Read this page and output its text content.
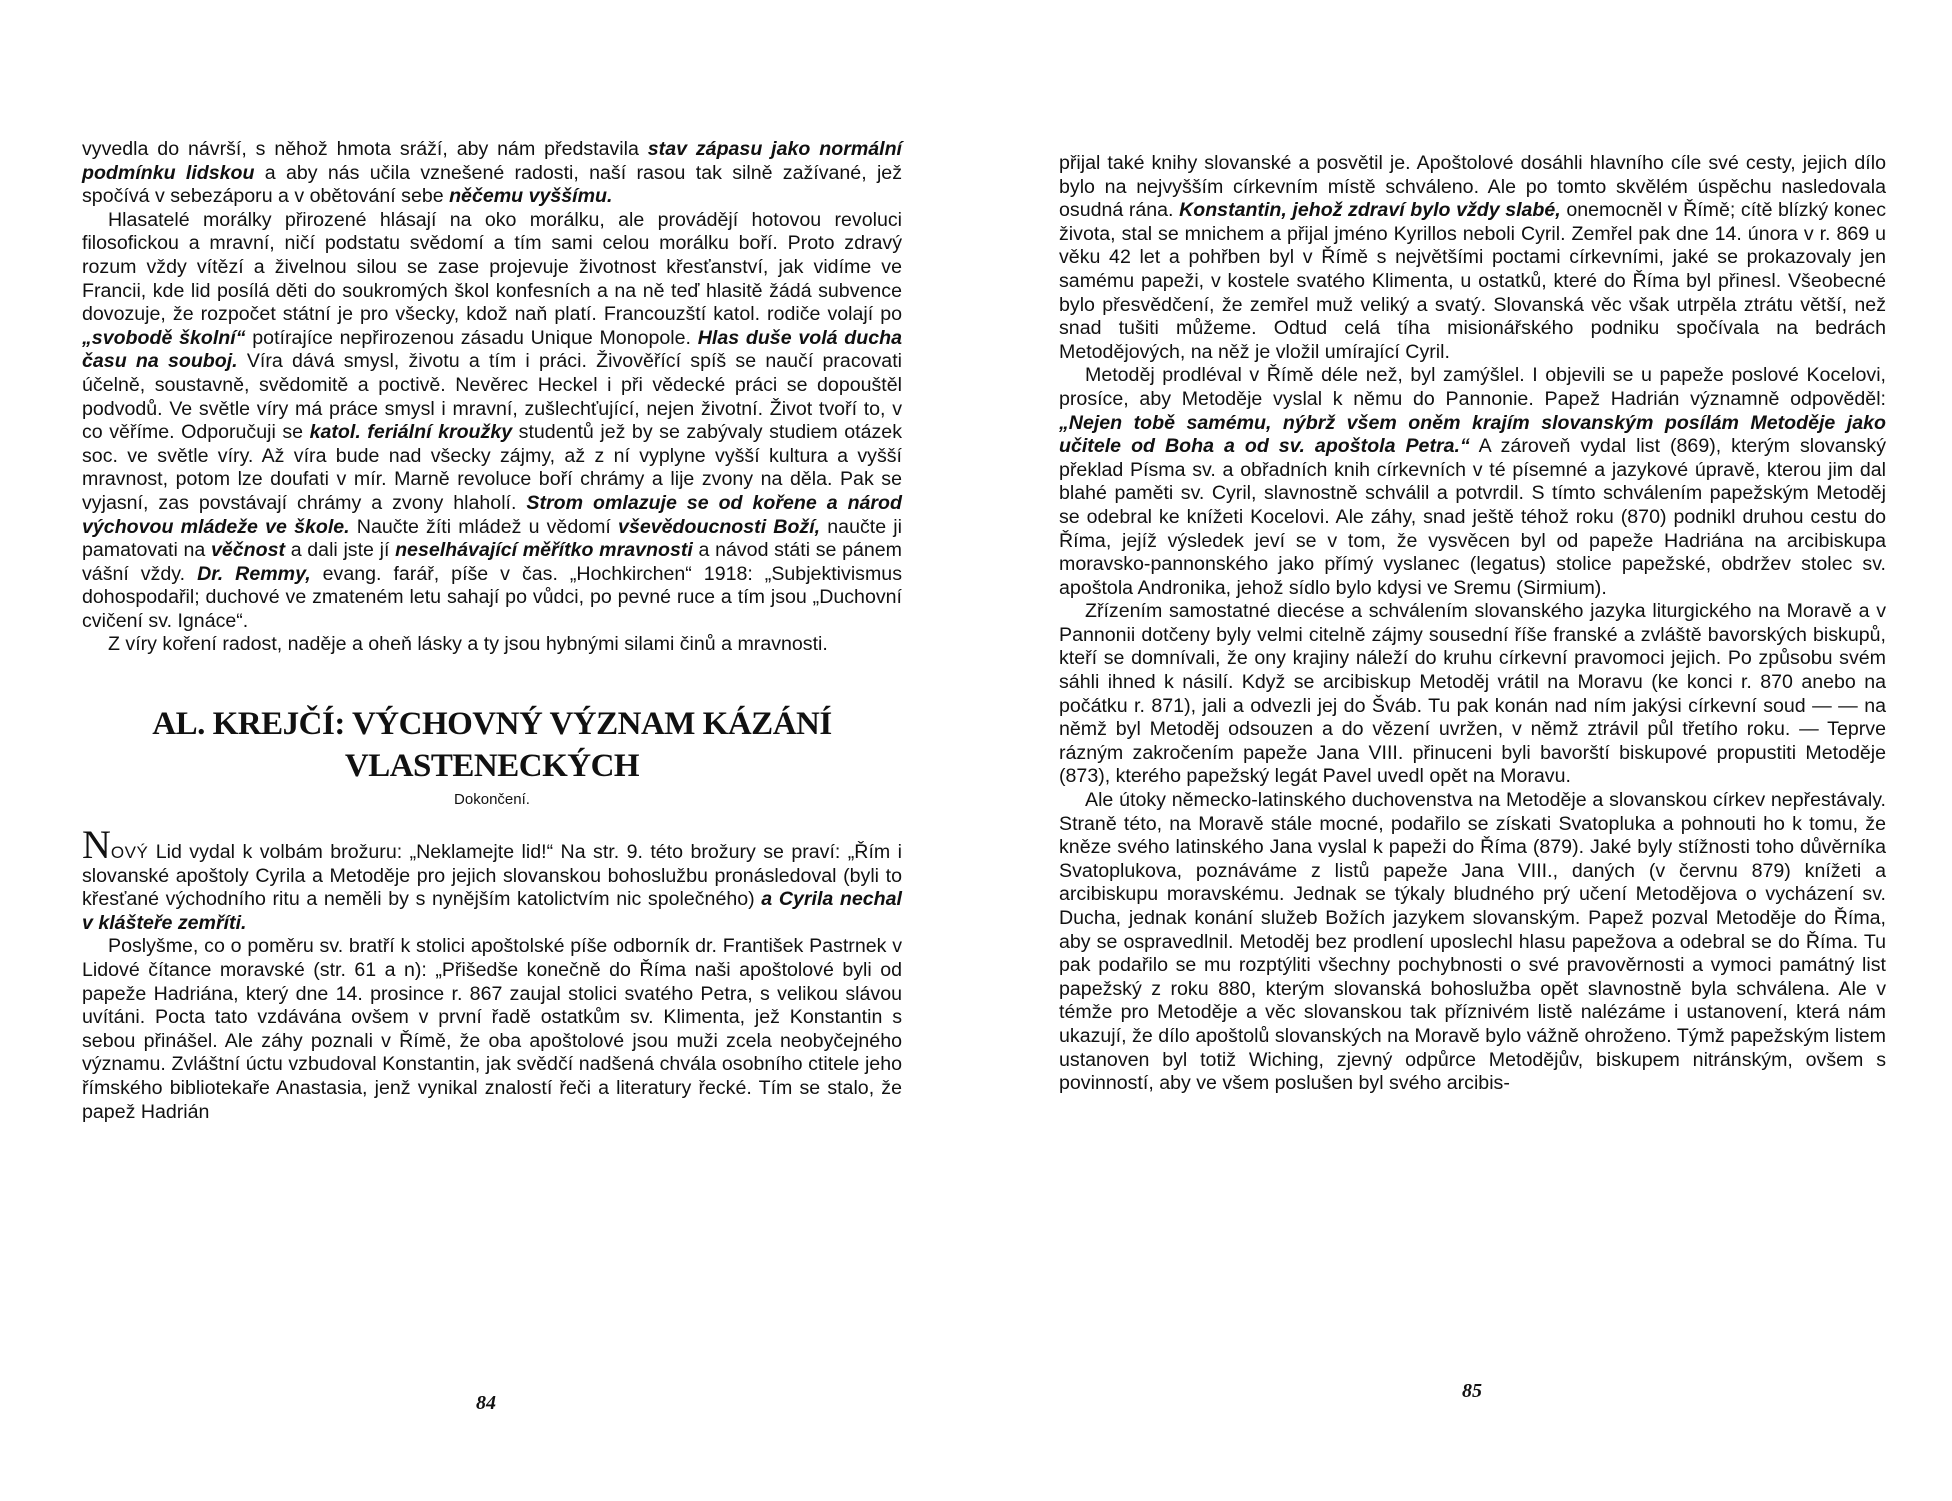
vyvedla do návrší, s něhož hmota sráží, aby nám představila stav zápasu jako normální podmínku lidskou a aby nás učila vznešené radosti, naší rasou tak silně zažívané, jež spočívá v sebezáporu a v obětování sebe něčemu vyššímu.

Hlasatelé morálky přirozené hlásají na oko morálku, ale provádějí hotovou revoluci filosofickou a mravní, ničí podstatu svědomí a tím sami celou morálku boří. Proto zdravý rozum vždy vítězí a živelnou silou se zase projevuje životnost křesťanství, jak vidíme ve Francii, kde lid posílá děti do soukromých škol konfesních a na ně teď hlasitě žádá subvence dovozuje, že rozpočet státní je pro všecky, kdož naň platí. Francouzští katol. rodiče volají po „svobodě školní“ potírajíce nepřirozenou zásadu Unique Monopole. Hlas duše volá ducha času na souboj. Víra dává smysl, životu a tím i práci. Živověřící spíš se naučí pracovati účelně, soustavně, svědomitě a poctivě. Nevěrec Heckel i při vědecké práci se dopouštěl podvodů. Ve světle víry má práce smysl i mravní, zušlechťující, nejen životní. Život tvoří to, v co věříme. Odporučuji se katol. feriální kroužky studentů jež by se zabývaly studiem otázek soc. ve světle víry. Až víra bude nad všecky zájmy, až z ní vyplyne vyšší kultura a vyšší mravnost, potom lze doufati v mír. Marně revoluce boří chrámy a lije zvony na děla. Pak se vyjasní, zas povstávají chrámy a zvony hlaholí. Strom omlazuje se od kořene a národ výchovou mládeže ve škole. Naučte žíti mládež u vědomí vševědoucnosti Boží, naučte ji pamatovati na věčnost a dali jste jí neselhávající měřítko mravnosti a návod státi se pánem vášní vždy. Dr. Remmy, evang. farář, píše v čas. „Hochkirchen“ 1918: „Subjektivismus dohospodařil; duchové ve zmateném letu sahají po vůdci, po pevné ruce a tím jsou „Duchovní cvičení sv. Ignáce“.

Z víry koření radost, naděje a oheň lásky a ty jsou hybnými silami činů a mravnosti.

AL. KREJČÍ: VÝCHOVNÝ VÝZNAM KÁZÁNÍ
VLASTENECKÝCH
Dokončení.

NOVÝ Lid vydal k volbám brožuru: „Neklamejte lid!“ Na str. 9. této brožury se praví: „Řím i slovanské apoštoly Cyrila a Metoděje pro jejich slovanskou bohoslužbu pronásledoval (byli to křesťané východního ritu a neměli by s nynějším katolictvím nic společného) a Cyrila nechal v klášteře zemříti.

Poslyšme, co o poměru sv. bratří k stolici apoštolské píše odborník dr. František Pastrnek v Lidové čítance moravské (str. 61 a n): „Přišedše konečně do Říma naši apoštolové byli od papeže Hadriána, který dne 14. prosince r. 867 zaujal stolici svatého Petra, s velikou slávou uvítáni. Pocta tato vzdávána ovšem v první řadě ostatkům sv. Klimenta, jež Konstantin s sebou přinášel. Ale záhy poznali v Římě, že oba apoštolové jsou muži zcela neobyčejného významu. Zvláštní úctu vzbudoval Konstantin, jak svědčí nadšená chvála osobního ctitele jeho římského bibliotekaře Anastasia, jenž vynikal znalostí řeči a literatury řecké. Tím se stalo, že papež Hadrián

84

přijal také knihy slovanské a posvětil je. Apoštolové dosáhli hlavního cíle své cesty, jejich dílo bylo na nejvyšším církevním místě schváleno. Ale po tomto skvělém úspěchu nasledovala osudná rána. Konstantin, jehož zdraví bylo vždy slabé, onemocněl v Římě; cítě blízký konec života, stal se mnichem a přijal jméno Kyrillos neboli Cyril. Zemřel pak dne 14. února v r. 869 u věku 42 let a pohřben byl v Římě s největšími poctami církevními, jaké se prokazovaly jen samému papeži, v kostele svatého Klimenta, u ostatků, které do Říma byl přinesl. Všeobecné bylo přesvědčení, že zemřel muž veliký a svatý. Slovanská věc však utrpěla ztrátu větší, než snad tušiti můžeme. Odtud celá tíha misionářského podniku spočívala na bedrách Metodějových, na něž je vložil umírající Cyril.

Metoděj prodléval v Římě déle než, byl zamýšlel. I objevili se u papeže poslové Kocelovi, prosíce, aby Metoděje vyslal k němu do Pannonie. Papež Hadrián významně odpověděl: „Nejen tobě samému, nýbrž všem oněm krajím slovanským posílám Metoděje jako učitele od Boha a od sv. apoštola Petra.“ A zároveň vydal list (869), kterým slovanský překlad Písma sv. a obřadních knih církevních v té písemné a jazykové úpravě, kterou jim dal blahé paměti sv. Cyril, slavnostně schválil a potvrdil. S tímto schválením papežským Metoděj se odebral ke knížeti Kocelovi. Ale záhy, snad ještě téhož roku (870) podnikl druhou cestu do Říma, jejíž výsledek jeví se v tom, že vysvěcen byl od papeže Hadriána na arcibiskupa moravsko-pannonského jako přímý vyslanec (legatus) stolice papežské, obdržev stolec sv. apoštola Andronika, jehož sídlo bylo kdysi ve Sremu (Sirmium).

Zřízením samostatné diecése a schválením slovanského jazyka liturgického na Moravě a v Pannonii dotčeny byly velmi citelně zájmy sousední říše franské a zvláště bavorských biskupů, kteří se domnívali, že ony krajiny náleží do kruhu církevní pravomoci jejich. Po způsobu svém sáhli ihned k násilí. Když se arcibiskup Metoděj vrátil na Moravu (ke konci r. 870 anebo na počátku r. 871), jali a odvezli jej do Šváb. Tu pak konán nad ním jakýsi církevní soud — — na němž byl Metoděj odsouzen a do vězení uvržen, v němž ztrávil půl třetího roku. — Teprve rázným zakročením papeže Jana VIII. přinuceni byli bavorští biskupové propustiti Metoděje (873), kterého papežský legát Pavel uvedl opět na Moravu.

Ale útoky německo-latinského duchovenstva na Metoděje a slovanskou církev nepřestávaly. Straně této, na Moravě stále mocné, podařilo se získati Svatopluka a pohnouti ho k tomu, že kněze svého latinského Jana vyslal k papeži do Říma (879). Jaké byly stížnosti toho důvěrníka Svatoplukova, poznáváme z listů papeže Jana VIII., daných (v červnu 879) knížeti a arcibiskupu moravskému. Jednak se týkaly bludného prý učení Metodějova o vycházení sv. Ducha, jednak konání služeb Božích jazykem slovanským. Papež pozval Metoděje do Říma, aby se ospravedlnil. Metoděj bez prodlení uposlechl hlasu papežova a odebral se do Říma. Tu pak podařilo se mu rozptýliti všechny pochybnosti o své pravověrnosti a vymoci památný list papežský z roku 880, kterým slovanská bohoslužba opět slavnostně byla schválena. Ale v témže pro Metoděje a věc slovanskou tak příznivém listě nalézáme i ustanovení, která nám ukazují, že dílo apoštolů slovanských na Moravě bylo vážně ohroženo. Týmž papežským listem ustanoven byl totiž Wiching, zjevný odpůrce Metodějův, biskupem nitránským, ovšem s povinností, aby ve všem poslušen byl svého arcibis-

85
